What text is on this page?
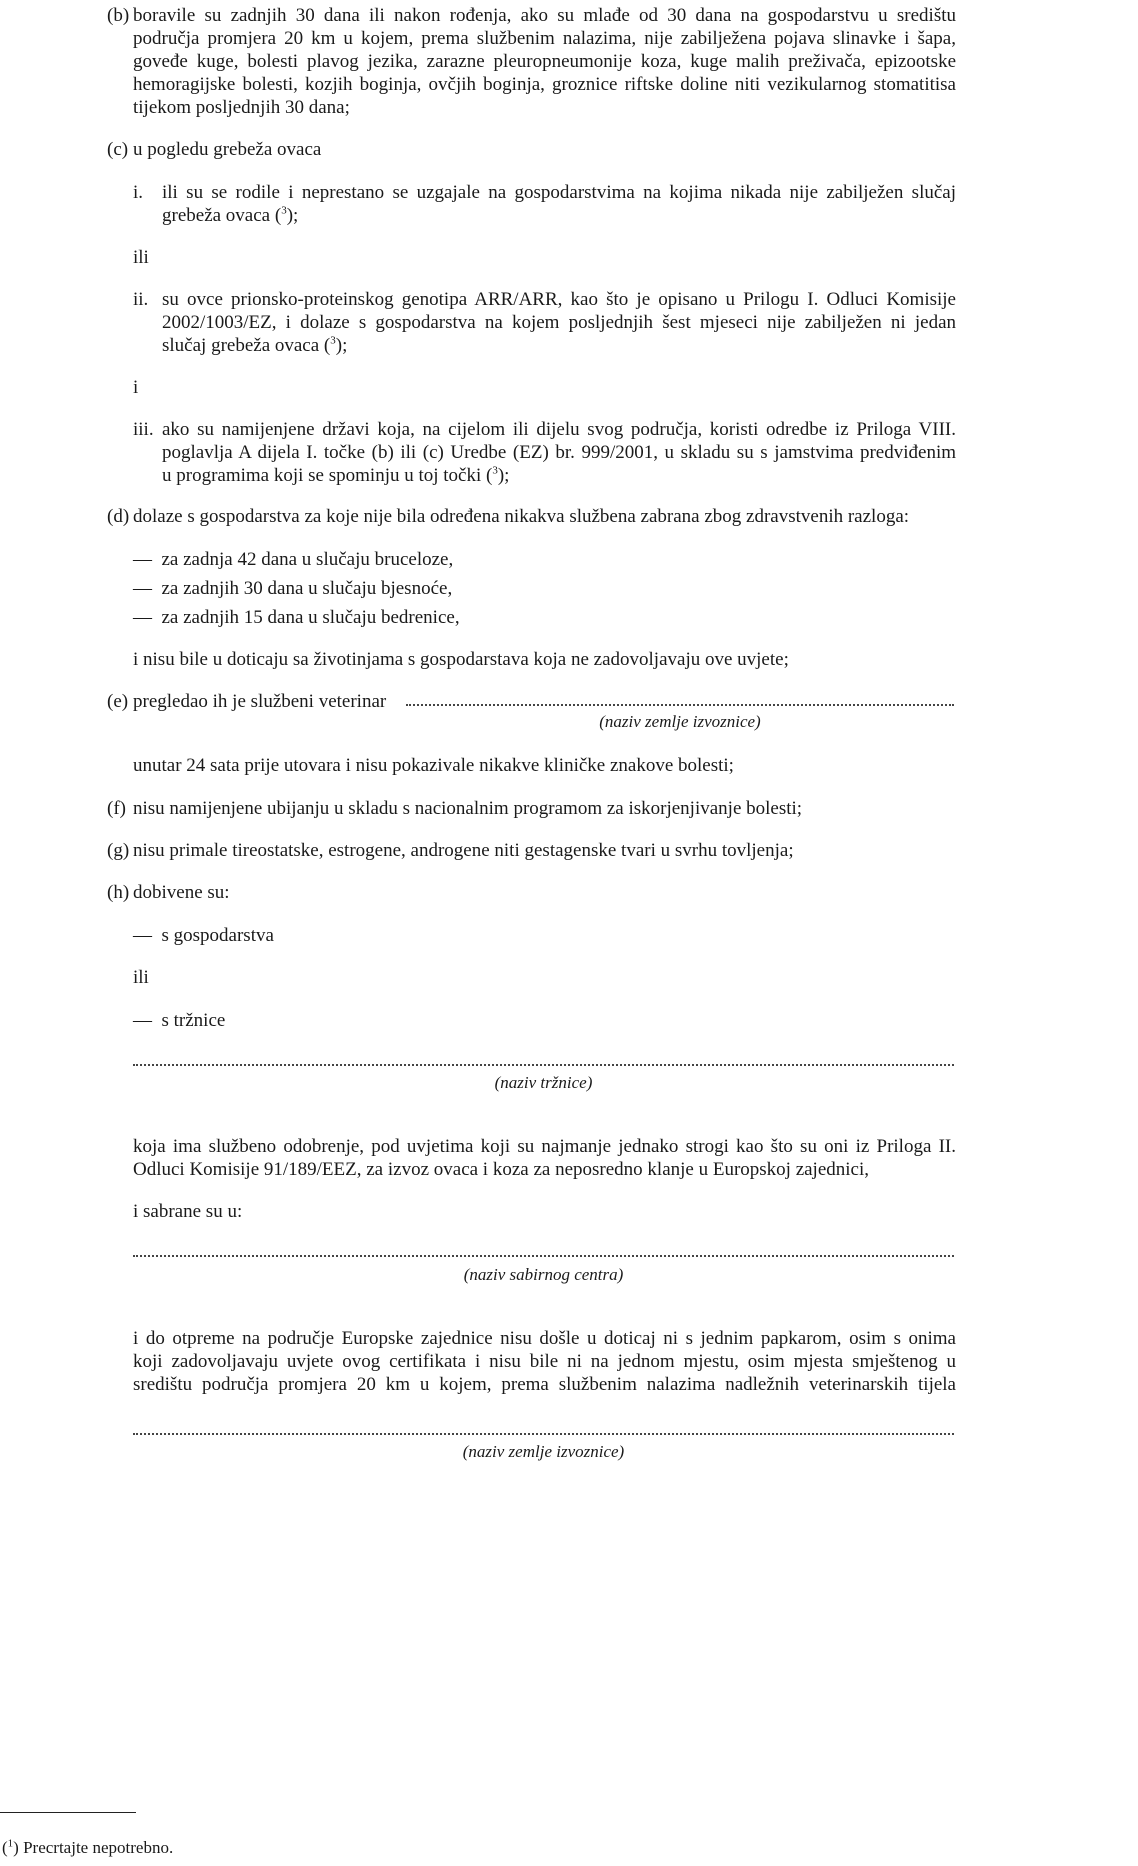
(b) boravile su zadnjih 30 dana ili nakon rođenja, ako su mlađe od 30 dana na gospodarstvu u središtu
područja promjera 20 km u kojem, prema službenim nalazima, nije zabilježena pojava slinavke i šapa,
goveđe kuge, bolesti plavog jezika, zarazne pleuropneumonije koza, kuge malih preživača, epizootske
hemoragijske bolesti, kozjih boginja, ovčjih boginja, groznice riftske doline niti vezikularnog stomatitisa
tijekom posljednjih 30 dana;
(c) u pogledu grebeža ovaca
i. ili su se rodile i neprestano se uzgajale na gospodarstvima na kojima nikada nije zabilježen slučaj
grebeža ovaca ($^3$);
ili
ii. su ovce prionsko-proteinskog genotipa ARR/ARR, kao što je opisano u Prilogu I. Odluci Komisije
2002/1003/EZ, i dolaze s gospodarstva na kojem posljednjih šest mjeseci nije zabilježen ni jedan
slučaj grebeža ovaca ($^3$);
i
iii. ako su namijenjene državi koja, na cijelom ili dijelu svog područja, koristi odredbe iz Priloga VIII.
poglavlja A dijela I. točke (b) ili (c) Uredbe (EZ) br. 999/2001, u skladu su s jamstvima predviđenim
u programima koji se spominju u toj točki ($^3$);
(d) dolaze s gospodarstva za koje nije bila određena nikakva službena zabrana zbog zdravstvenih razloga:
— za zadnja 42 dana u slučaju bruceloze,
— za zadnjih 30 dana u slučaju bjesnoće,
— za zadnjih 15 dana u slučaju bedrenice,
i nisu bile u doticaju sa životinjama s gospodarstava koja ne zadovoljavaju ove uvjete;
(e) pregledao ih je službeni veterinar
(naziv zemlje izvoznice)
unutar 24 sata prije utovara i nisu pokazivale nikakve kliničke znakove bolesti;
(f) nisu namijenjene ubijanju u skladu s nacionalnim programom za iskorjenjivanje bolesti;
(g) nisu primale tireostatske, estrogene, androgene niti gestagenske tvari u svrhu tovljenja;
(h) dobivene su:
— s gospodarstva
ili
— s tržnice
(naziv tržnice)
koja ima službeno odobrenje, pod uvjetima koji su najmanje jednako strogi kao što su oni iz Priloga II.
Odluci Komisije 91/189/EEZ, za izvoz ovaca i koza za neposredno klanje u Europskoj zajednici,
i sabrane su u:
(naziv sabirnog centra)
i do otpreme na područje Europske zajednice nisu došle u doticaj ni s jednim papkarom, osim s onima
koji zadovoljavaju uvjete ovog certifikata i nisu bile ni na jednom mjestu, osim mjesta smještenog u
središtu područja promjera 20 km u kojem, prema službenim nalazima nadležnih veterinarskih tijela
(naziv zemlje izvoznice)
($^1$) Precrtajte nepotrebno.
